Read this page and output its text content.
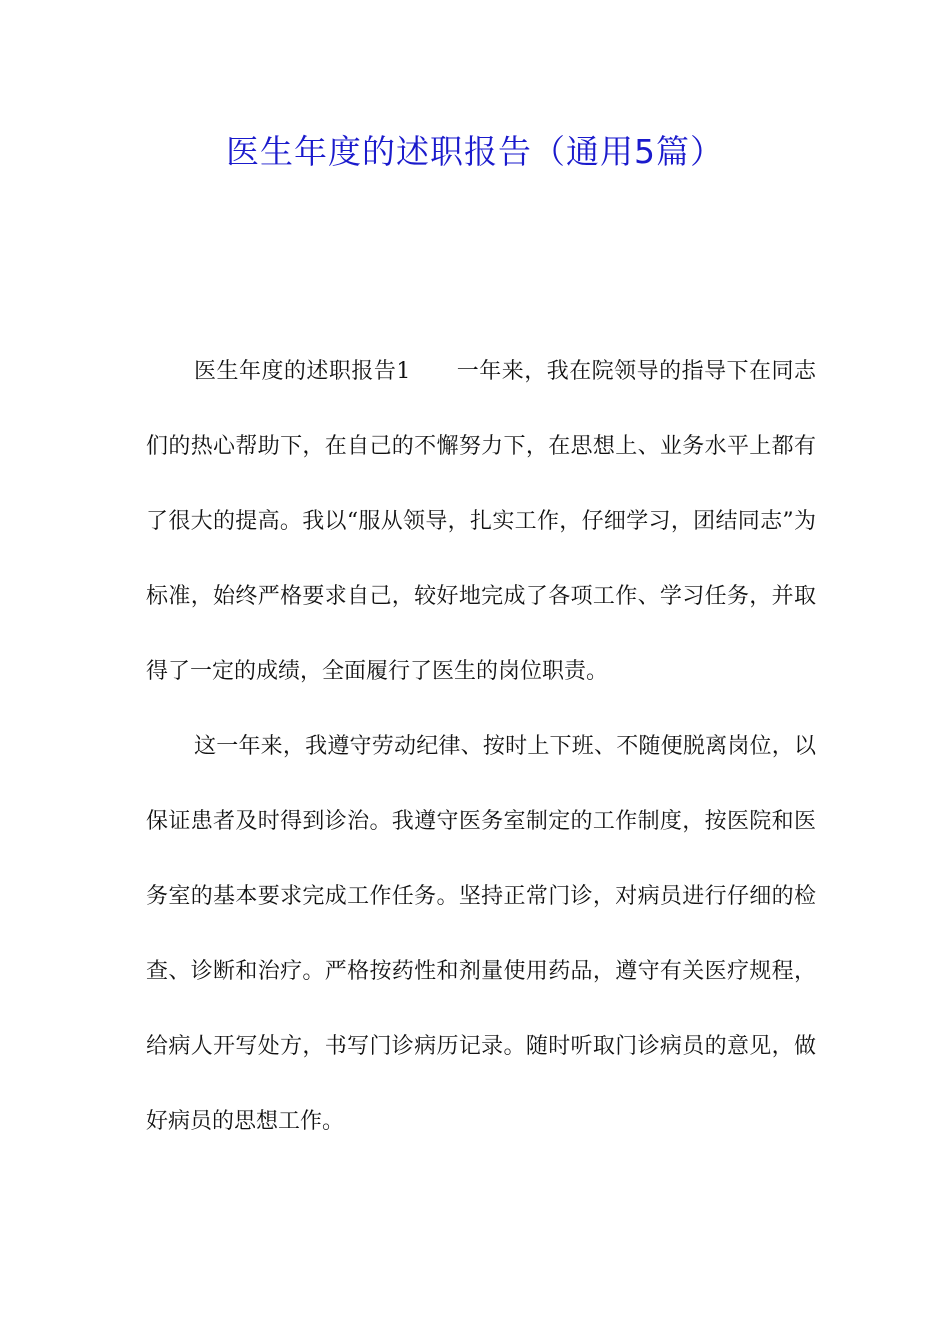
医生年度的述职报告（通用5篇）

医生年度的述职报告1 一年来，我在院领导的指导下在同志们的热心帮助下，在自己的不懈努力下，在思想上、业务水平上都有了很大的提高。我以“服从领导，扎实工作，仔细学习，团结同志”为标准，始终严格要求自己，较好地完成了各项工作、学习任务，并取得了一定的成绩，全面履行了医生的岗位职责。

这一年来，我遵守劳动纪律、按时上下班、不随便脱离岗位，以保证患者及时得到诊治。我遵守医务室制定的工作制度，按医院和医务室的基本要求完成工作任务。坚持正常门诊，对病员进行仔细的检查、诊断和治疗。严格按药性和剂量使用药品，遵守有关医疗规程，给病人开写处方，书写门诊病历记录。随时听取门诊病员的意见，做好病员的思想工作。
